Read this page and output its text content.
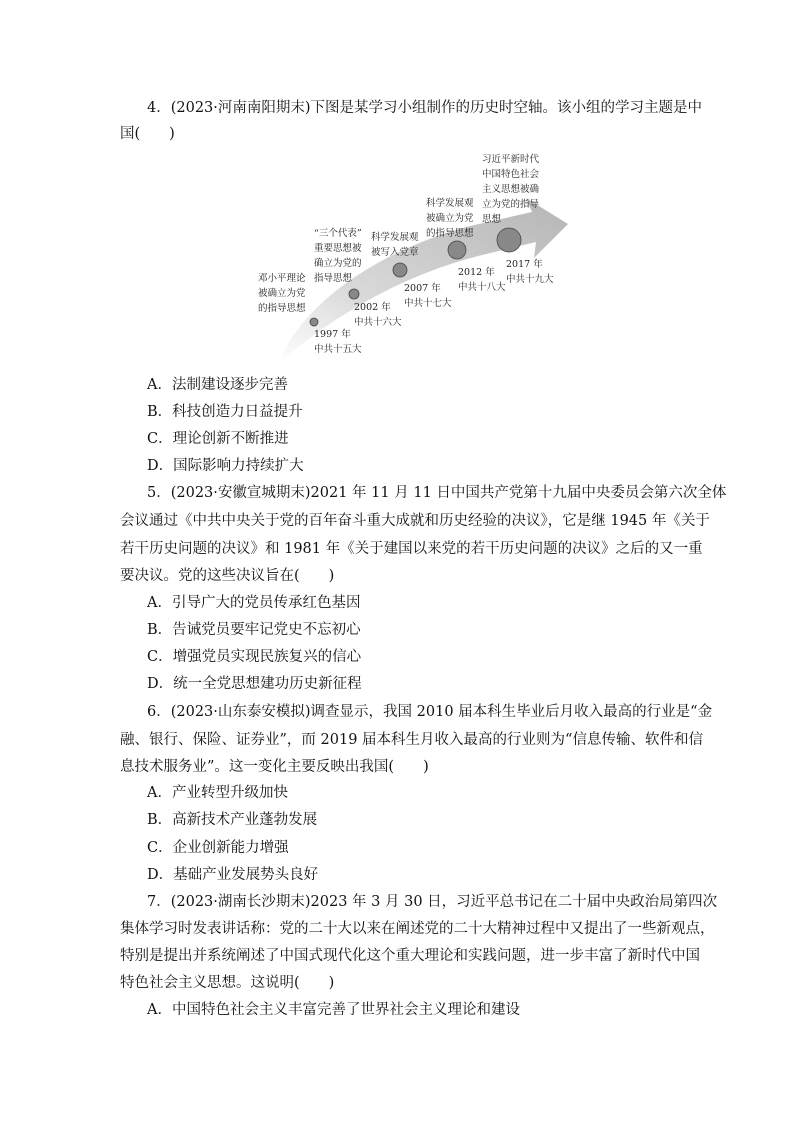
4．(2023·河南南阳期末)下图是某学习小组制作的历史时空轴。该小组的学习主题是中
国(　　)
1997 年
中共十五大
邓小平理论
被确立为党
的指导思想	2002 年
中共十六大
“三个代表”
重要思想被
确立为党的
指导思想
2007 年
中共十七大
科学发展观
被写入党章
2012 年
中共十八大
科学发展观
被确立为党
的指导思想
2017 年
中共十九大
习近平新时代
中国特色社会
主义思想被确
立为党的指导
思想
A．法制建设逐步完善
B．科技创造力日益提升
C．理论创新不断推进
D．国际影响力持续扩大
5．(2023·安徽宣城期末)2021 年 11 月 11 日中国共产党第十九届中央委员会第六次全体
会议通过《中共中央关于党的百年奋斗重大成就和历史经验的决议》，它是继 1945 年《关于
若干历史问题的决议》和 1981 年《关于建国以来党的若干历史问题的决议》之后的又一重
要决议。党的这些决议旨在(　　)
A．引导广大的党员传承红色基因
B．告诫党员要牢记党史不忘初心
C．增强党员实现民族复兴的信心
D．统一全党思想建功历史新征程
6．(2023·山东泰安模拟)调查显示，我国 2010 届本科生毕业后月收入最高的行业是“金
融、银行、保险、证券业”，而 2019 届本科生月收入最高的行业则为“信息传输、软件和信
息技术服务业”。这一变化主要反映出我国(　　)
A．产业转型升级加快
B．高新技术产业蓬勃发展
C．企业创新能力增强
D．基础产业发展势头良好
7．(2023·湖南长沙期末)2023 年 3 月 30 日，习近平总书记在二十届中央政治局第四次
集体学习时发表讲话称：党的二十大以来在阐述党的二十大精神过程中又提出了一些新观点，
特别是提出并系统阐述了中国式现代化这个重大理论和实践问题，进一步丰富了新时代中国
特色社会主义思想。这说明(　　)
A．中国特色社会主义丰富完善了世界社会主义理论和建设
